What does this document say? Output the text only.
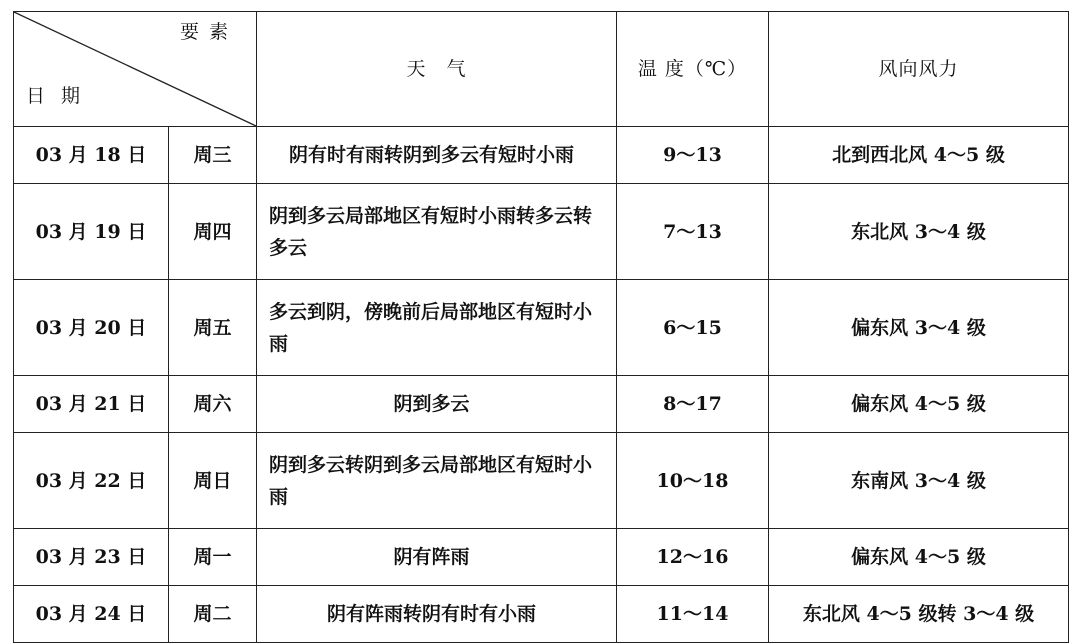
要素
日期		天　气	温 度（℃）	风向风力
03 月 18 日	周三	阴有时有雨转阴到多云有短时小雨	9～13	北到西北风 4～5 级
03 月 19 日	周四	阴到多云局部地区有短时小雨转多云转多云	7～13	东北风 3～4 级
03 月 20 日	周五	多云到阴，傍晚前后局部地区有短时小雨	6～15	偏东风 3～4 级
03 月 21 日	周六	阴到多云	8～17	偏东风 4～5 级
03 月 22 日	周日	阴到多云转阴到多云局部地区有短时小雨	10～18	东南风 3～4 级
03 月 23 日	周一	阴有阵雨	12～16	偏东风 4～5 级
03 月 24 日	周二	阴有阵雨转阴有时有小雨	11～14	东北风 4～5 级转 3～4 级
